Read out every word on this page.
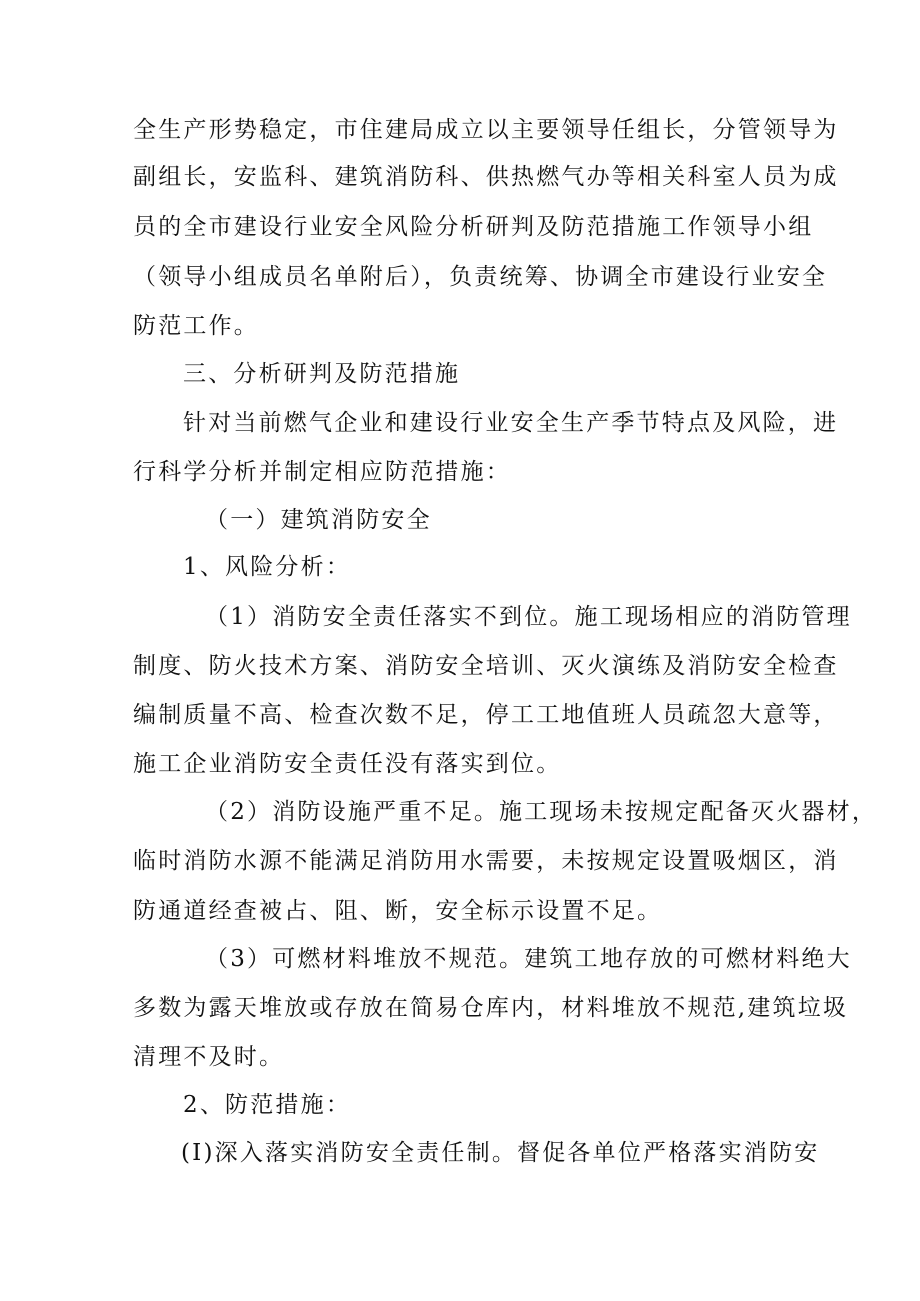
全生产形势稳定，市住建局成立以主要领导任组长，分管领导为
副组长，安监科、建筑消防科、供热燃气办等相关科室人员为成
员的全市建设行业安全风险分析研判及防范措施工作领导小组
（领导小组成员名单附后），负责统筹、协调全市建设行业安全
防范工作。
三、分析研判及防范措施
针对当前燃气企业和建设行业安全生产季节特点及风险，进
行科学分析并制定相应防范措施：
（一）建筑消防安全
1、风险分析：
（1）消防安全责任落实不到位。施工现场相应的消防管理
制度、防火技术方案、消防安全培训、灭火演练及消防安全检查
编制质量不高、检查次数不足，停工工地值班人员疏忽大意等，
施工企业消防安全责任没有落实到位。
（2）消防设施严重不足。施工现场未按规定配备灭火器材，
临时消防水源不能满足消防用水需要，未按规定设置吸烟区，消
防通道经查被占、阻、断，安全标示设置不足。
（3）可燃材料堆放不规范。建筑工地存放的可燃材料绝大
多数为露天堆放或存放在简易仓库内，材料堆放不规范,建筑垃圾
清理不及时。
2、防范措施：
(I)深入落实消防安全责任制。督促各单位严格落实消防安
